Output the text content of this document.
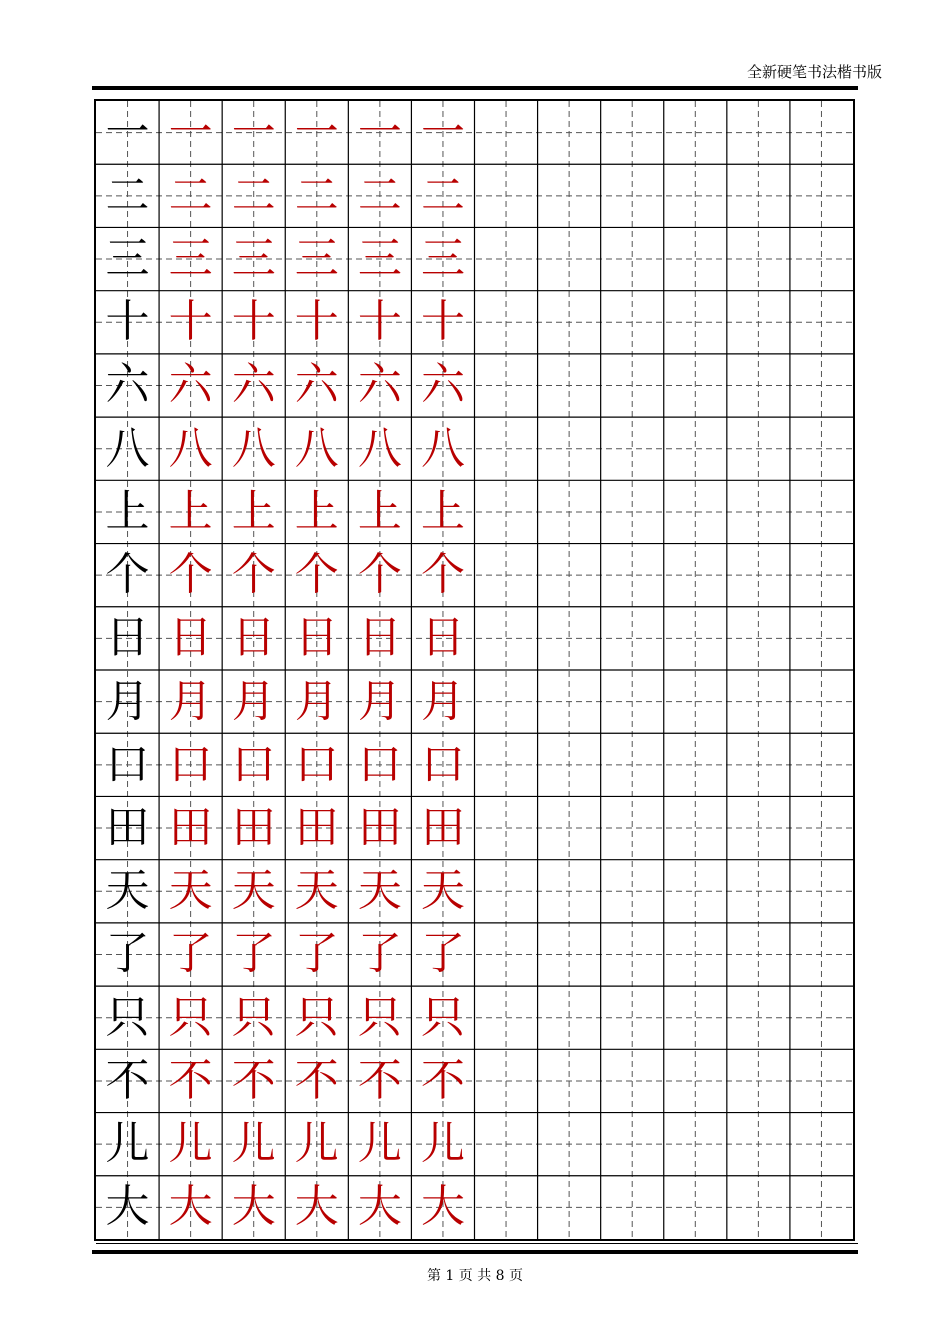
全新硬笔书法楷书版
一 一 一 一 一 一
二 二 二 二 二 二
三 三 三 三 三 三
十 十 十 十 十 十
六 六 六 六 六 六
八 八 八 八 八 八
上 上 上 上 上 上
个 个 个 个 个 个
日 日 日 日 日 日
月 月 月 月 月 月
口 口 口 口 口 口
田 田 田 田 田 田
天 天 天 天 天 天
了 了 了 了 了 了
只 只 只 只 只 只
不 不 不 不 不 不
儿 儿 儿 儿 儿 儿
大 大 大 大 大 大
第 1 页 共 8 页
